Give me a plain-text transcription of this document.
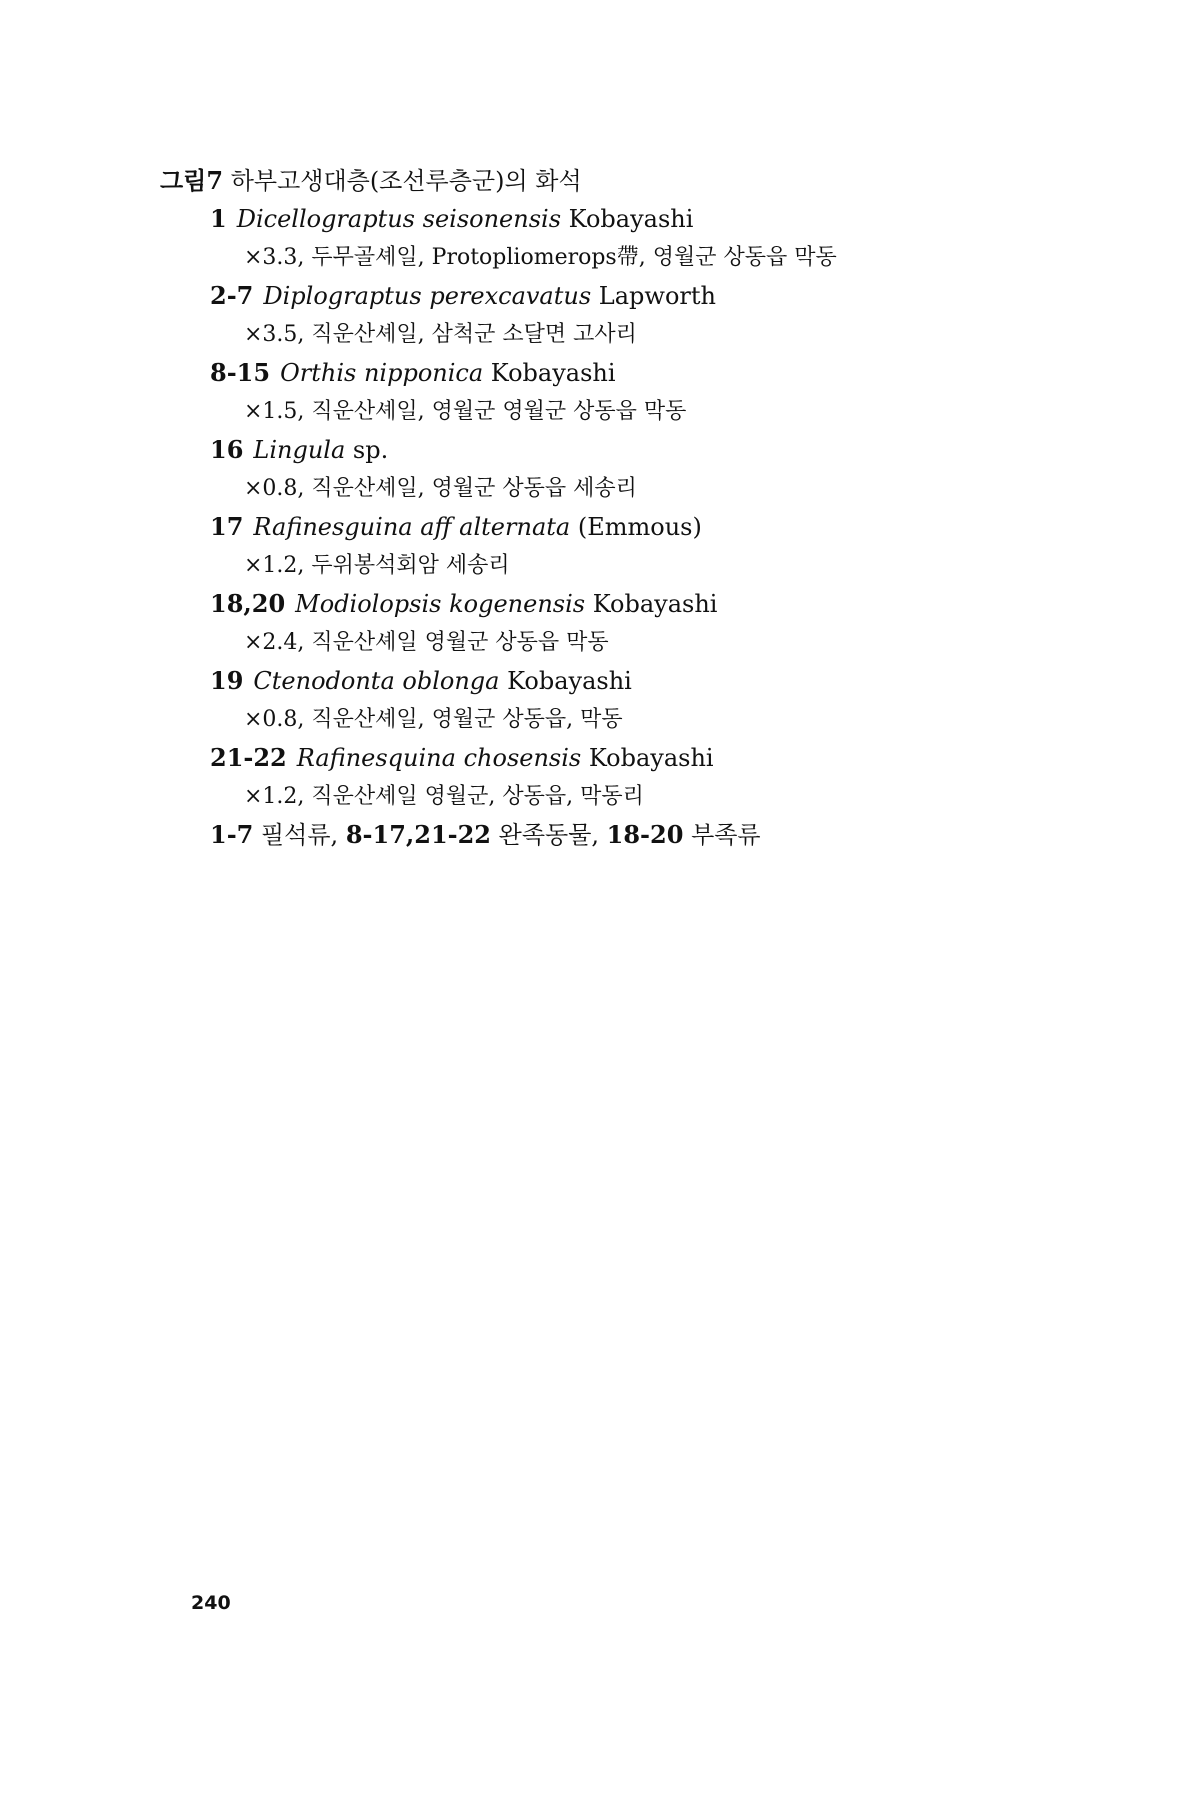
그림7 하부고생대층(조선루층군)의 화석
1 Dicellograptus seisonensis Kobayashi
×3.3, 두무골셰일, Protopliomerops帶, 영월군 상동읍 막동
2-7 Diplograptus perexcavatus Lapworth
×3.5, 직운산셰일, 삼척군 소달면 고사리
8-15 Orthis nipponica Kobayashi
×1.5, 직운산셰일, 영월군 영월군 상동읍 막동
16 Lingula sp.
×0.8, 직운산셰일, 영월군 상동읍 세송리
17 Rafinesguina aff alternata (Emmous)
×1.2, 두위봉석회암 세송리
18,20 Modiolopsis kogenensis Kobayashi
×2.4, 직운산셰일 영월군 상동읍 막동
19 Ctenodonta oblonga Kobayashi
×0.8, 직운산셰일, 영월군 상동읍, 막동
21-22 Rafinesquina chosensis Kobayashi
×1.2, 직운산셰일 영월군, 상동읍, 막동리
1-7 필석류, 8-17,21-22 완족동물, 18-20 부족류
240
